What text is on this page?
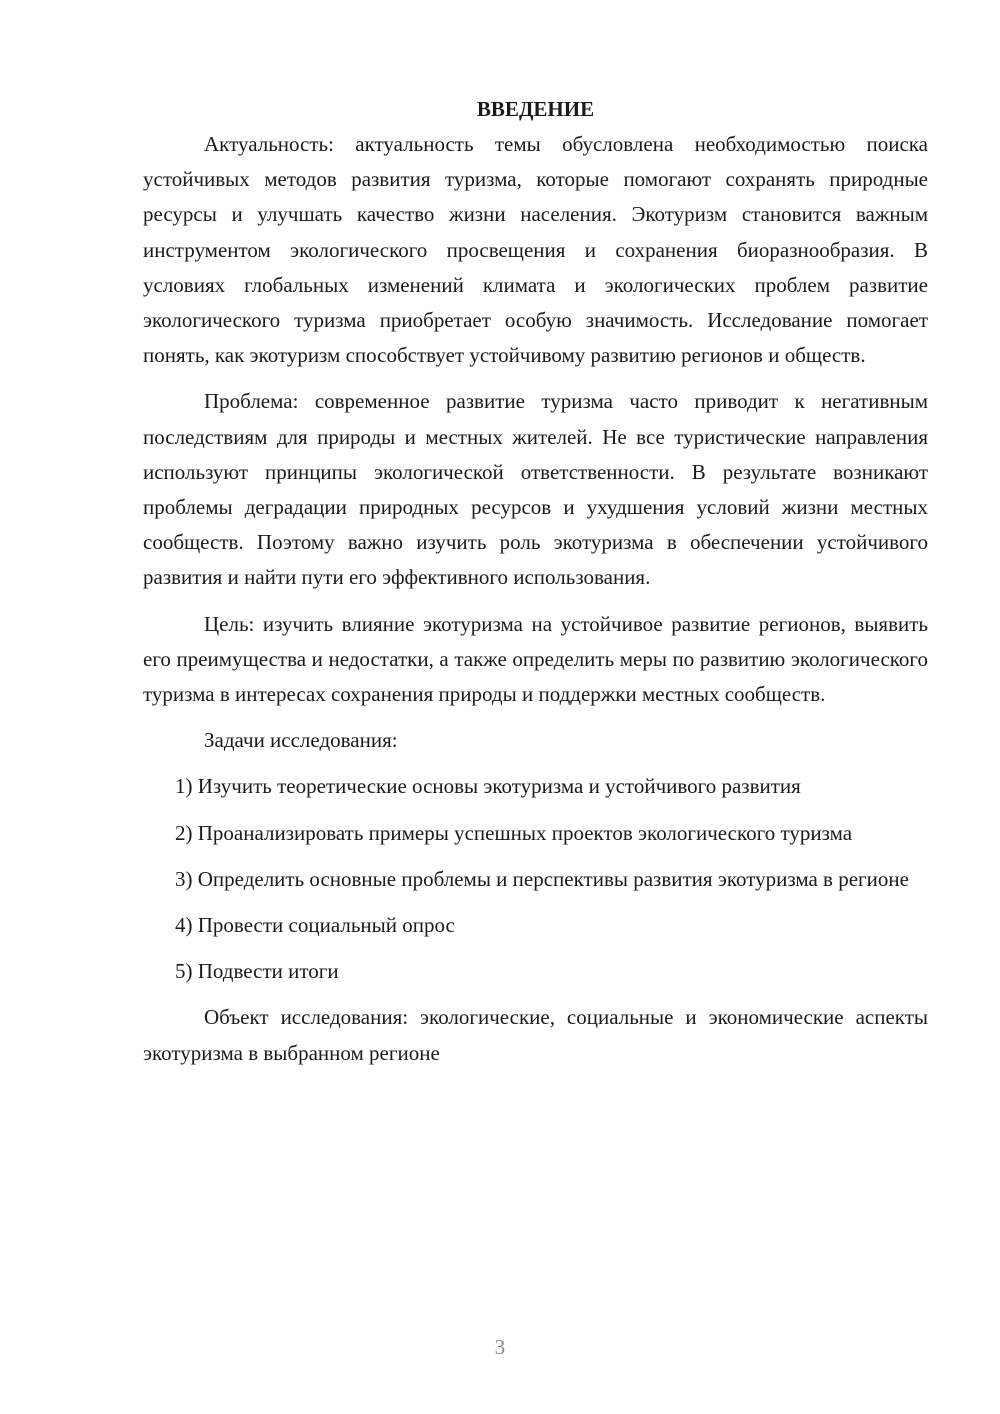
ВВЕДЕНИЕ

Актуальность: актуальность темы обусловлена необходимостью поиска устойчивых методов развития туризма, которые помогают сохранять природные ресурсы и улучшать качество жизни населения. Экотуризм становится важным инструментом экологического просвещения и сохранения биоразнообразия. В условиях глобальных изменений климата и экологических проблем развитие экологического туризма приобретает особую значимость. Исследование помогает понять, как экотуризм способствует устойчивому развитию регионов и обществ.

Проблема: современное развитие туризма часто приводит к негативным последствиям для природы и местных жителей. Не все туристические направления используют принципы экологической ответственности. В результате возникают проблемы деградации природных ресурсов и ухудшения условий жизни местных сообществ. Поэтому важно изучить роль экотуризма в обеспечении устойчивого развития и найти пути его эффективного использования.

Цель: изучить влияние экотуризма на устойчивое развитие регионов, выявить его преимущества и недостатки, а также определить меры по развитию экологического туризма в интересах сохранения природы и поддержки местных сообществ.

Задачи исследования:

1) Изучить теоретические основы экотуризма и устойчивого развития

2) Проанализировать примеры успешных проектов экологического туризма

3) Определить основные проблемы и перспективы развития экотуризма в регионе

4) Провести социальный опрос

5) Подвести итоги

Объект исследования: экологические, социальные и экономические аспекты экотуризма в выбранном регионе

3
